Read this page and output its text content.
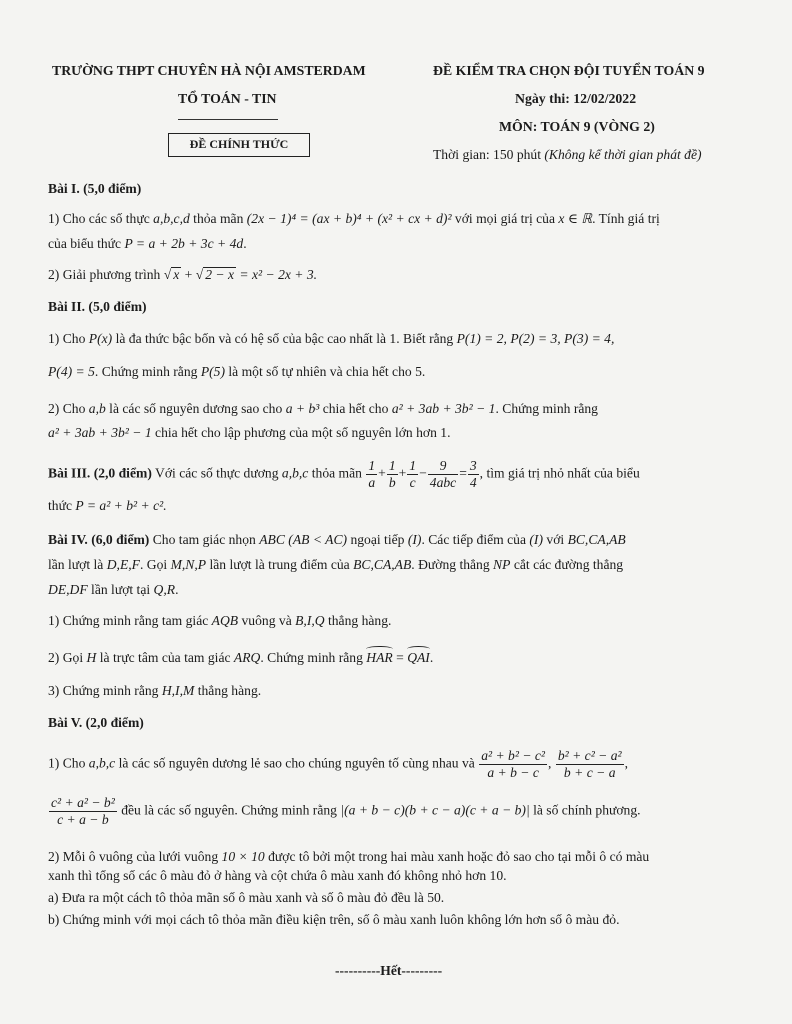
TRƯỜNG THPT CHUYÊN HÀ NỘI AMSTERDAM
TỔ TOÁN - TIN
ĐỀ CHÍNH THỨC
ĐỀ KIỂM TRA CHỌN ĐỘI TUYỂN TOÁN 9
Ngày thi: 12/02/2022
MÔN: TOÁN 9 (VÒNG 2)
Thời gian: 150 phút (Không kể thời gian phát đề)
Bài I. (5,0 điểm)
1) Cho các số thực a,b,c,d thỏa mãn (2x − 1)⁴ = (ax + b)⁴ + (x² + cx + d)² với mọi giá trị của x ∈ ℝ. Tính giá trị
của biểu thức P = a + 2b + 3c + 4d.
2) Giải phương trình √ x + √ 2 − x = x² − 2x + 3.
Bài II. (5,0 điểm)
1) Cho P(x) là đa thức bậc bốn và có hệ số của bậc cao nhất là 1. Biết rằng P(1) = 2, P(2) = 3, P(3) = 4,
P(4) = 5. Chứng minh rằng P(5) là một số tự nhiên và chia hết cho 5.
2) Cho a,b là các số nguyên dương sao cho a + b³ chia hết cho a² + 3ab + 3b² − 1. Chứng minh rằng
a² + 3ab + 3b² − 1 chia hết cho lập phương của một số nguyên lớn hơn 1.
Bài III. (2,0 điểm) Với các số thực dương a,b,c thỏa mãn $\frac{1}{a} + \frac{1}{b} + \frac{1}{c} - \frac{9}{\text{4abc}} = \frac{3}{4}$ , tìm giá trị nhỏ nhất của biểu
thức P = a² + b² + c².
Bài IV. (6,0 điểm) Cho tam giác nhọn ABC (AB < AC) ngoại tiếp (I). Các tiếp điểm của (I) với BC,CA,AB
lần lượt là D,E,F. Gọi M,N,P lần lượt là trung điểm của BC,CA,AB. Đường thẳng NP cắt các đường thẳng
DE,DF lần lượt tại Q,R.
1) Chứng minh rằng tam giác AQB vuông và B,I,Q thẳng hàng.
2) Gọi H là trực tâm của tam giác ARQ. Chứng minh rằng HAR = QAI.
3) Chứng minh rằng H,I,M thẳng hàng.
Bài V. (2,0 điểm)
1) Cho a,b,c là các số nguyên dương lẻ sao cho chúng nguyên tố cùng nhau và $\frac{\text{a² + b² − c²}}{a + b - c}$ , $\frac{\text{b² + c² − a²}}{b + c - a}$ ,
$\frac{\text{c² + a² − b²}}{c + a - b}$ đều là các số nguyên. Chứng minh rằng |(a + b − c)(b + c − a)(c + a − b)| là số chính phương.
2) Mỗi ô vuông của lưới vuông 10 × 10 được tô bởi một trong hai màu xanh hoặc đỏ sao cho tại mỗi ô có màu
xanh thì tổng số các ô màu đỏ ở hàng và cột chứa ô màu xanh đó không nhỏ hơn 10.
a) Đưa ra một cách tô thỏa mãn số ô màu xanh và số ô màu đỏ đều là 50.
b) Chứng minh với mọi cách tô thỏa mãn điều kiện trên, số ô màu xanh luôn không lớn hơn số ô màu đỏ.
----------Hết---------
